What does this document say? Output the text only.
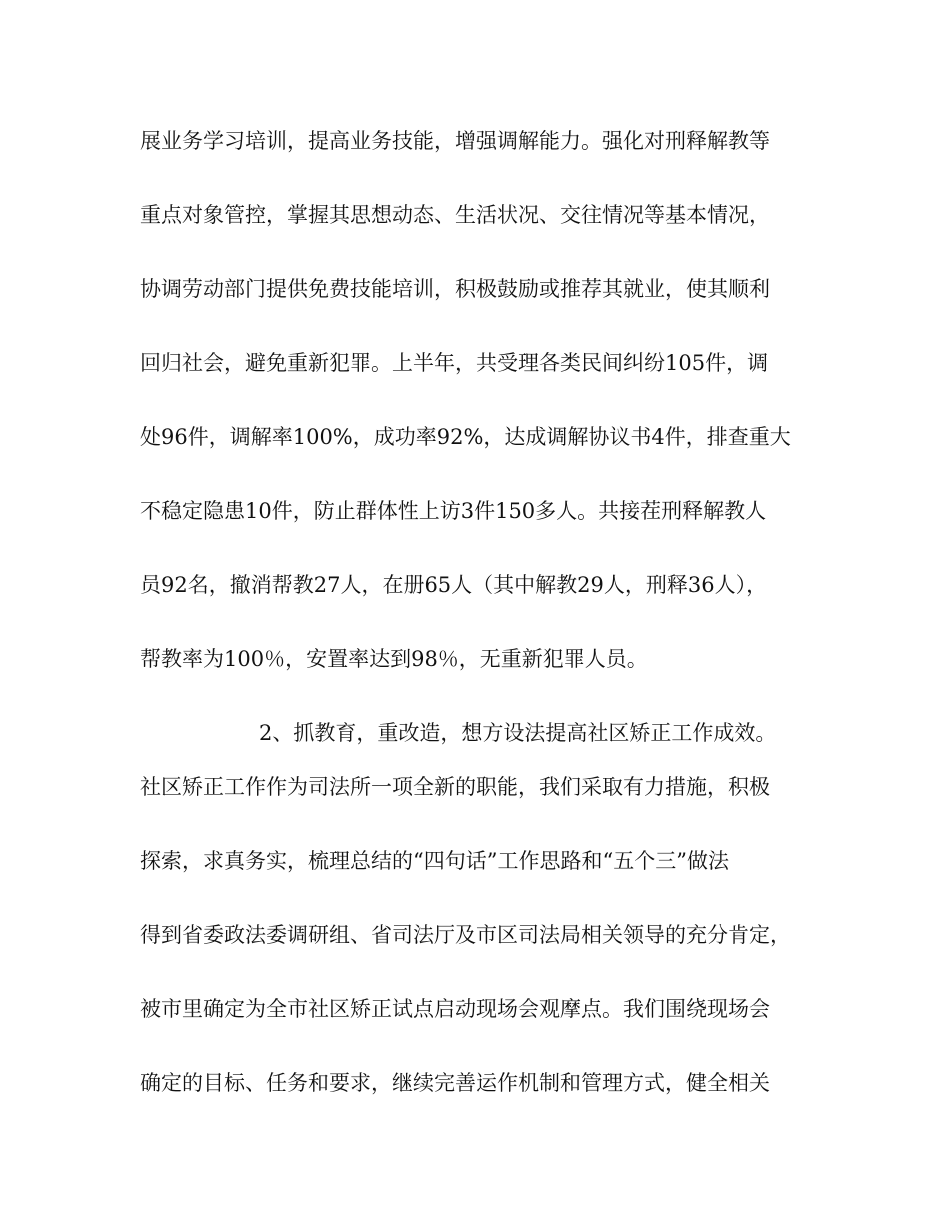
展业务学习培训，提高业务技能，增强调解能力。强化对刑释解教等
重点对象管控，掌握其思想动态、生活状况、交往情况等基本情况，
协调劳动部门提供免费技能培训，积极鼓励或推荐其就业，使其顺利
回归社会，避免重新犯罪。上半年，共受理各类民间纠纷105件，调
处96件，调解率100%，成功率92%，达成调解协议书4件，排查重大
不稳定隐患10件，防止群体性上访3件150多人。共接茬刑释解教人
员92名，撤消帮教27人，在册65人（其中解教29人，刑释36人），
帮教率为100％，安置率达到98％，无重新犯罪人员。
2、抓教育，重改造，想方设法提高社区矫正工作成效。
社区矫正工作作为司法所一项全新的职能，我们采取有力措施，积极
探索，求真务实，梳理总结的“四句话”工作思路和“五个三”做法
得到省委政法委调研组、省司法厅及市区司法局相关领导的充分肯定，
被市里确定为全市社区矫正试点启动现场会观摩点。我们围绕现场会
确定的目标、任务和要求，继续完善运作机制和管理方式，健全相关
